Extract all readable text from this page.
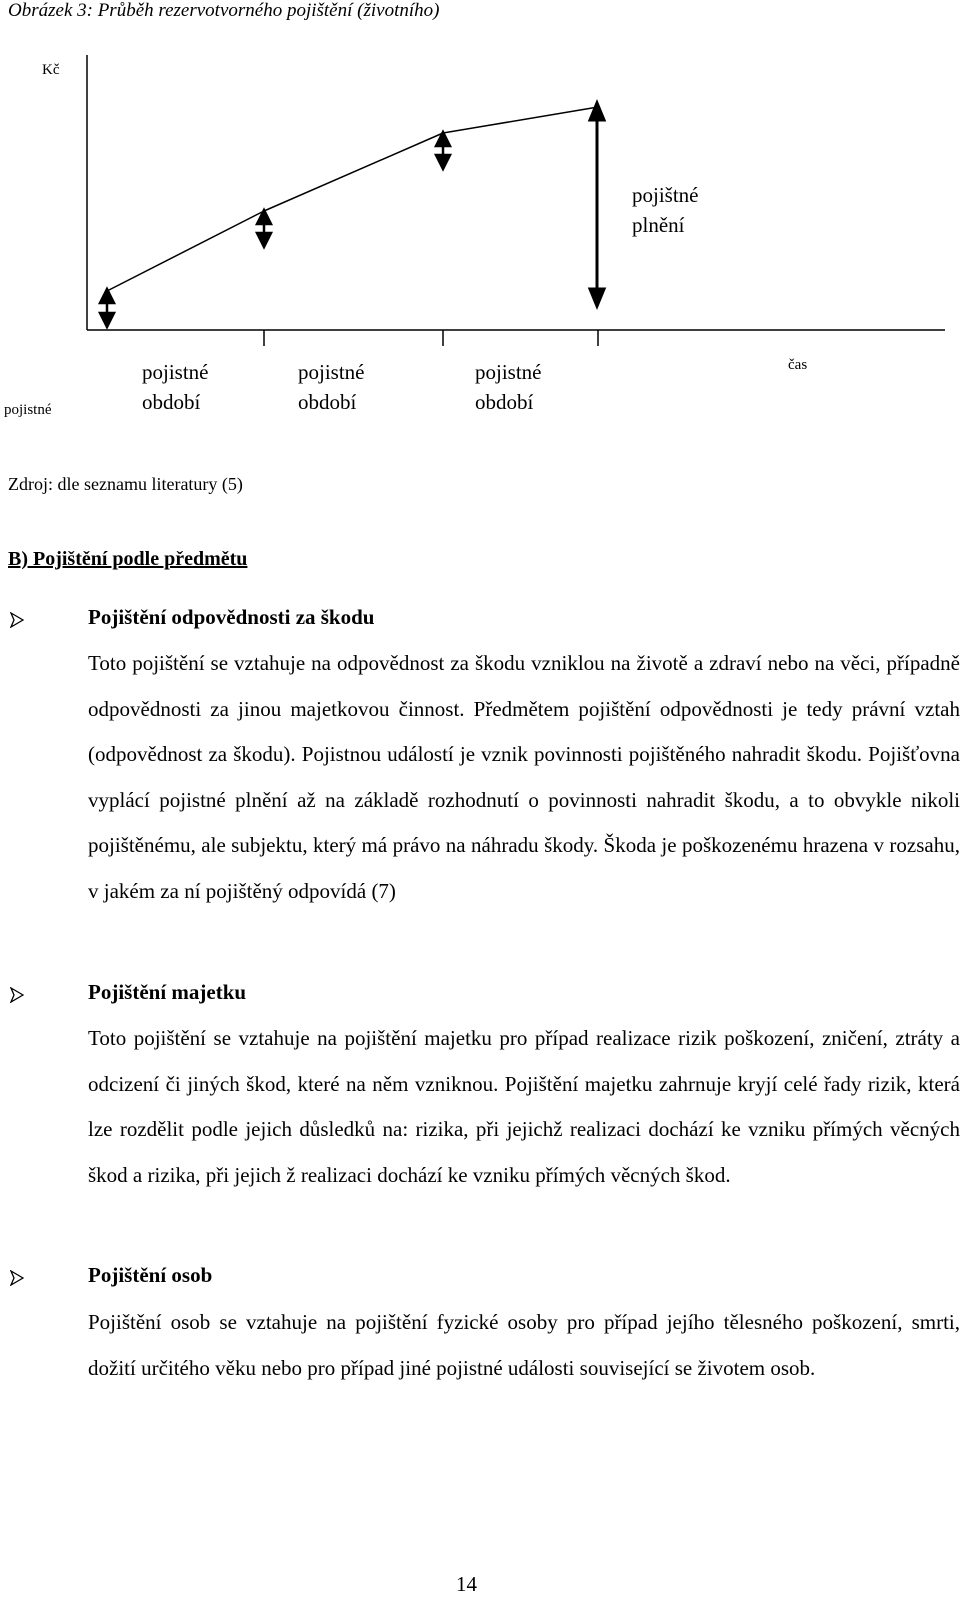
Obrázek 3: Průběh rezervotvorného pojištění (životního)
Kč
čas
pojistné
pojištné
plnění
pojistné
období
pojistné
období
pojistné
období
Zdroj: dle seznamu literatury (5)
B) Pojištění podle předmětu
Pojištění odpovědnosti za škodu

Toto pojištění se vztahuje na odpovědnost za škodu vzniklou na životě a zdraví nebo na věci, případně odpovědnosti za jinou majetkovou činnost. Předmětem pojištění odpovědnosti je tedy právní vztah (odpovědnost za škodu). Pojistnou událostí je vznik povinnosti pojištěného nahradit škodu. Pojišťovna vyplácí pojistné plnění až na základě rozhodnutí o povinnosti nahradit škodu, a to obvykle nikoli pojištěnému, ale subjektu, který má právo na náhradu škody. Škoda je poškozenému hrazena v rozsahu, v jakém za ní pojištěný odpovídá (7)

Pojištění majetku

Toto pojištění se vztahuje na pojištění majetku pro případ realizace rizik poškození, zničení, ztráty a odcizení či jiných škod, které na něm vzniknou. Pojištění majetku zahrnuje kryjí celé řady rizik, která lze rozdělit podle jejich důsledků na: rizika, při jejichž realizaci dochází ke vzniku přímých věcných škod a rizika, při jejich ž realizaci dochází ke vzniku přímých věcných škod.

Pojištění osob

Pojištění osob se vztahuje na pojištění fyzické osoby pro případ jejího tělesného poškození, smrti, dožití určitého věku nebo pro případ jiné pojistné události související se životem osob.

14
